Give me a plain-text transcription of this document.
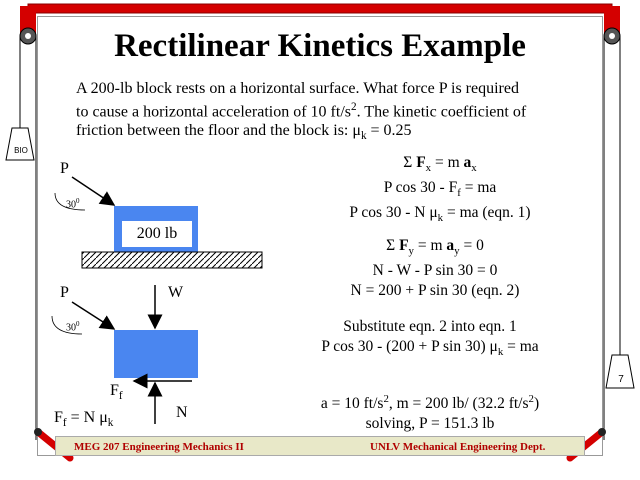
BIO
7
Rectilinear Kinetics Example
A 200-lb block rests on a horizontal surface. What force P is required
to cause a horizontal acceleration of 10 $ft/s^2$. The kinetic coefficient of
friction between the floor and the block is: $\mu_k = 0.25$
P
$30^0$
200 lb
P
$30^0$
W
$F_f$
N
$F_f = N$ $\mu_k$
Σ $F_x = m$ $a_x$
P $\cos 30 - F_f$ = ma
P cos 30 - N $\mu_k$ = ma (eqn. 1)
Σ $F_y = m$ $a_y = 0$
N - W - P sin 30 = 0
N = 200 + P sin 30 (eqn. 2)
Substitute eqn. 2 into eqn. 1
P cos 30 - (200 + P sin 30) $\mu_k$ = ma
a = 10 $ft/s^2$, m = 200 lb/ (32.2 $ft/s^2$)
solving, P = 151.3 lb
MEG 207 Engineering Mechanics II	UNLV Mechanical Engineering Dept.
